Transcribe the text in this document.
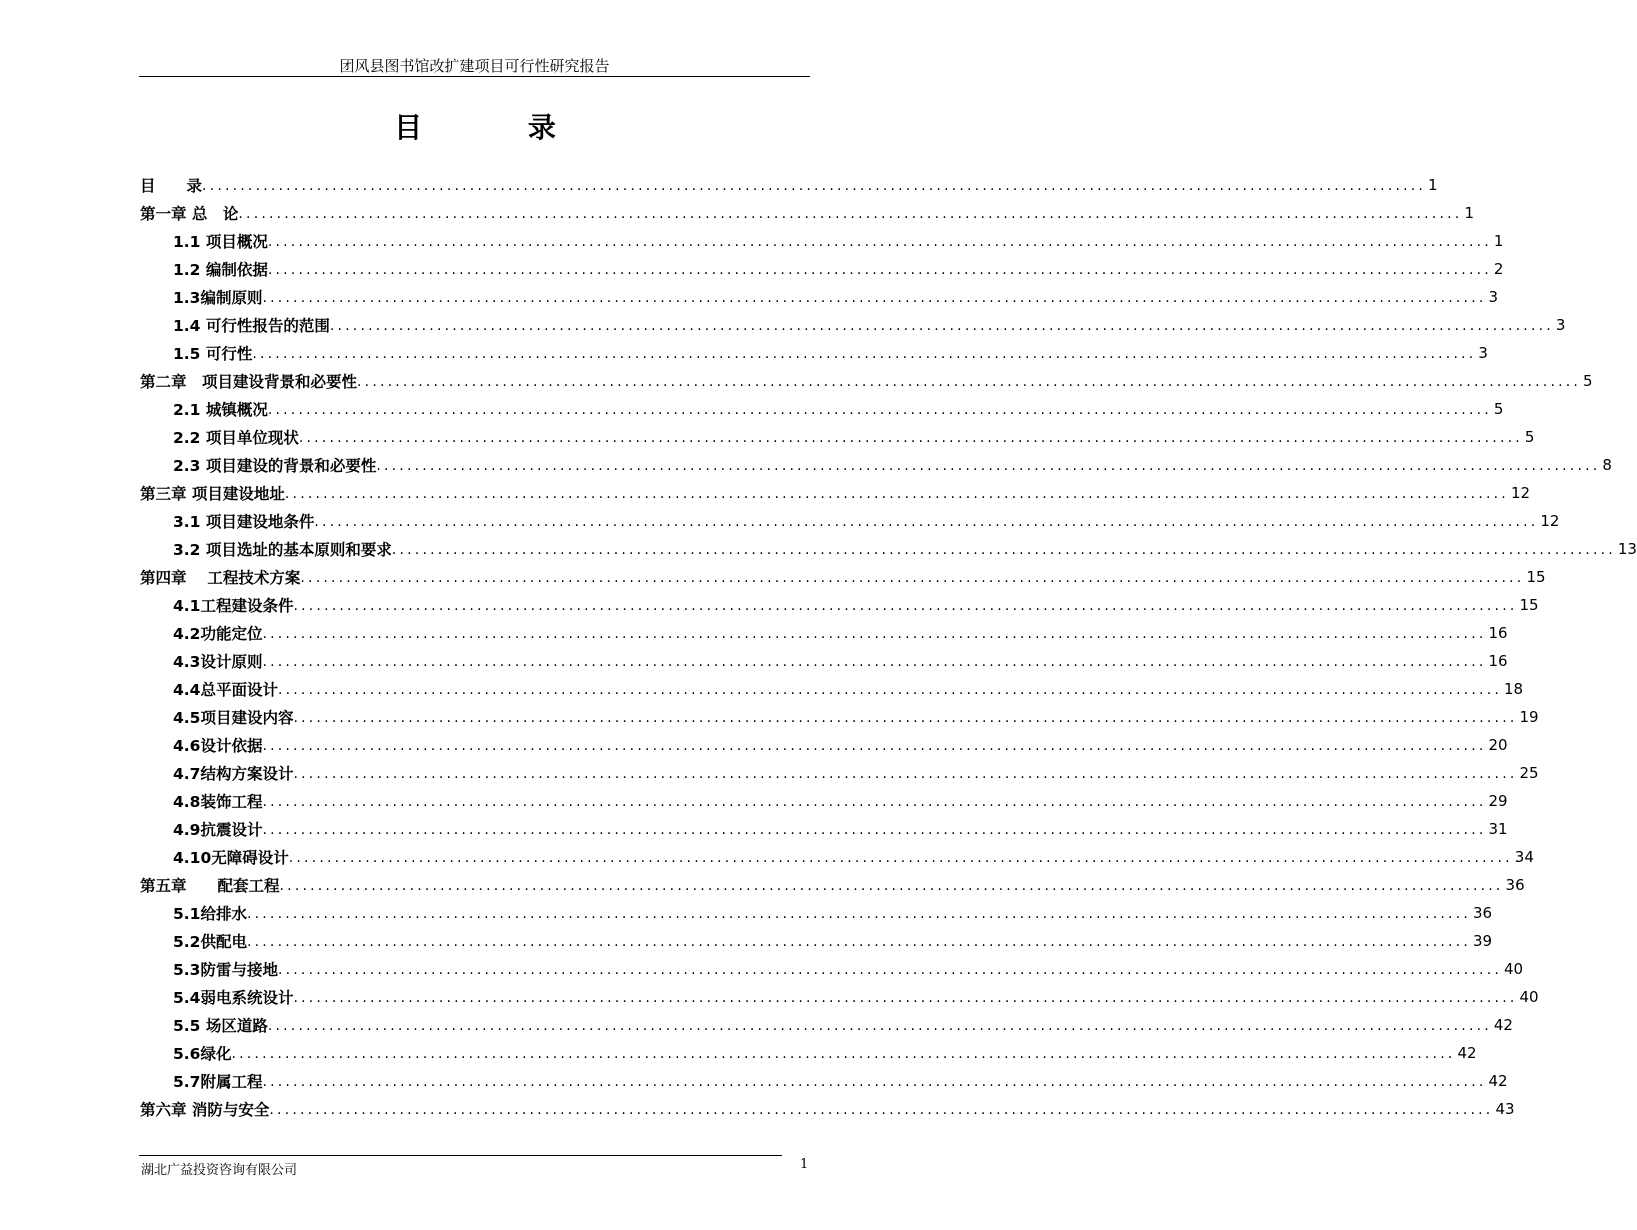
团风县图书馆改扩建项目可行性研究报告
目 录
目　　录 ................................................................................................................................................................ 1
第一章 总　论 ................................................................................................................................................................ 1
1.1 项目概况 ................................................................................................................................................................ 1
1.2 编制依据 ................................................................................................................................................................ 2
1.3编制原则 ................................................................................................................................................................ 3
1.4 可行性报告的范围 ................................................................................................................................................................ 3
1.5 可行性 ................................................................................................................................................................ 3
第二章　项目建设背景和必要性 ................................................................................................................................................................ 5
2.1 城镇概况 ................................................................................................................................................................ 5
2.2 项目单位现状 ................................................................................................................................................................ 5
2.3 项目建设的背景和必要性 ................................................................................................................................................................ 8
第三章 项目建设地址 ................................................................................................................................................................ 12
3.1 项目建设地条件 ................................................................................................................................................................ 12
3.2 项目选址的基本原则和要求 ................................................................................................................................................................ 13
第四章　 工程技术方案 ................................................................................................................................................................ 15
4.1工程建设条件 ................................................................................................................................................................ 15
4.2功能定位 ................................................................................................................................................................ 16
4.3设计原则 ................................................................................................................................................................ 16
4.4总平面设计 ................................................................................................................................................................ 18
4.5项目建设内容 ................................................................................................................................................................ 19
4.6设计依据 ................................................................................................................................................................ 20
4.7结构方案设计 ................................................................................................................................................................ 25
4.8装饰工程 ................................................................................................................................................................ 29
4.9抗震设计 ................................................................................................................................................................ 31
4.10无障碍设计 ................................................................................................................................................................ 34
第五章　　配套工程 ................................................................................................................................................................ 36
5.1给排水 ................................................................................................................................................................ 36
5.2供配电 ................................................................................................................................................................ 39
5.3防雷与接地 ................................................................................................................................................................ 40
5.4弱电系统设计 ................................................................................................................................................................ 40
5.5 场区道路 ................................................................................................................................................................ 42
5.6绿化 ................................................................................................................................................................ 42
5.7附属工程 ................................................................................................................................................................ 42
第六章 消防与安全 ................................................................................................................................................................ 43
湖北广益投资咨询有限公司	1
